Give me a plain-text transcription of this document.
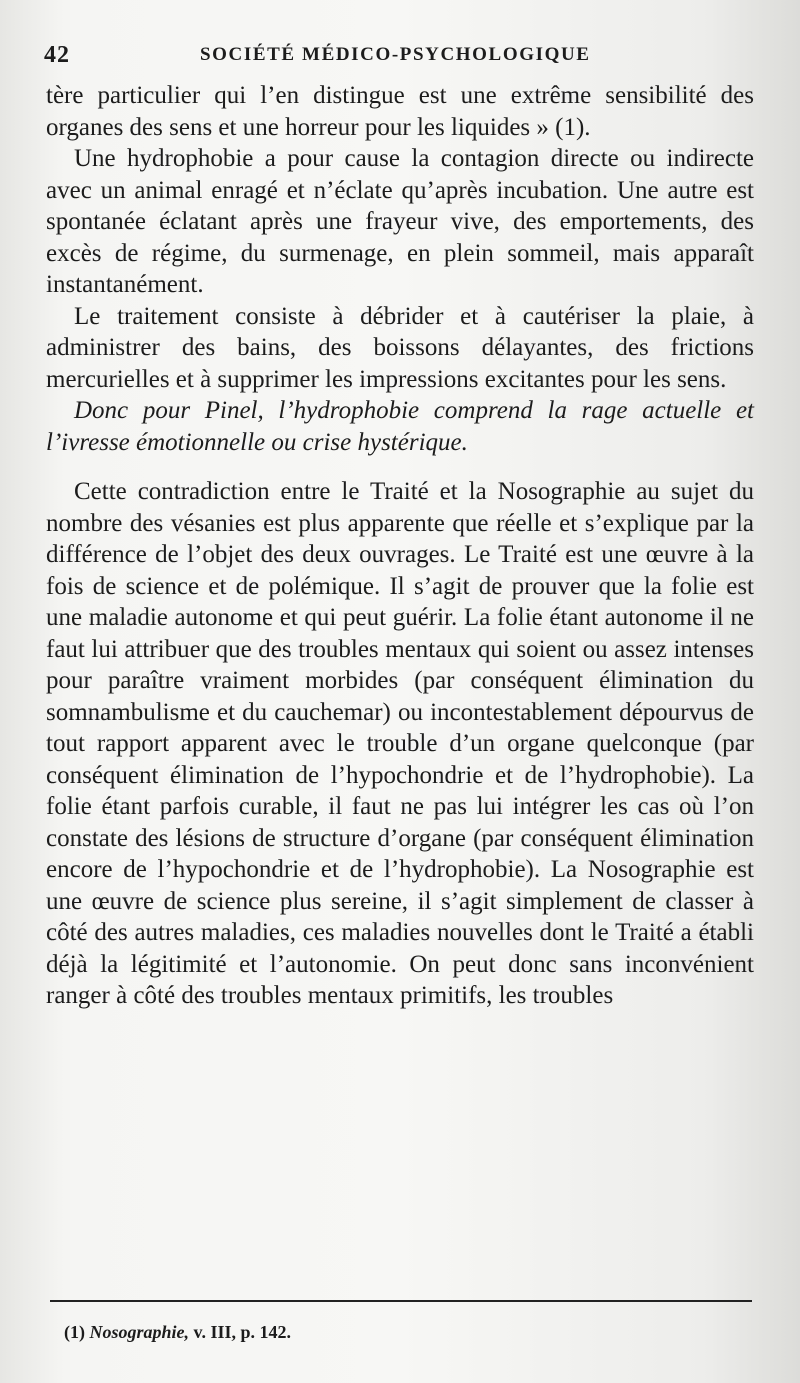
42	SOCIÉTÉ MÉDICO-PSYCHOLOGIQUE

tère particulier qui l’en distingue est une extrême sensibilité des organes des sens et une horreur pour les liquides » (1).

Une hydrophobie a pour cause la contagion directe ou indirecte avec un animal enragé et n’éclate qu’après incubation. Une autre est spontanée éclatant après une frayeur vive, des emportements, des excès de régime, du surmenage, en plein sommeil, mais apparaît instantanément.

Le traitement consiste à débrider et à cautériser la plaie, à administrer des bains, des boissons délayantes, des frictions mercurielles et à supprimer les impressions excitantes pour les sens.

Donc pour Pinel, l’hydrophobie comprend la rage actuelle et l’ivresse émotionnelle ou crise hystérique.

Cette contradiction entre le Traité et la Nosographie au sujet du nombre des vésanies est plus apparente que réelle et s’explique par la différence de l’objet des deux ouvrages. Le Traité est une œuvre à la fois de science et de polémique. Il s’agit de prouver que la folie est une maladie autonome et qui peut guérir. La folie étant autonome il ne faut lui attribuer que des troubles mentaux qui soient ou assez intenses pour paraître vraiment morbides (par conséquent élimination du somnambulisme et du cauchemar) ou incontestablement dépourvus de tout rapport apparent avec le trouble d’un organe quelconque (par conséquent élimination de l’hypochondrie et de l’hydrophobie). La folie étant parfois curable, il faut ne pas lui intégrer les cas où l’on constate des lésions de structure d’organe (par conséquent élimination encore de l’hypochondrie et de l’hydrophobie). La Nosographie est une œuvre de science plus sereine, il s’agit simplement de classer à côté des autres maladies, ces maladies nouvelles dont le Traité a établi déjà la légitimité et l’autonomie. On peut donc sans inconvénient ranger à côté des troubles mentaux primitifs, les troubles

(1) Nosographie, v. III, p. 142.
